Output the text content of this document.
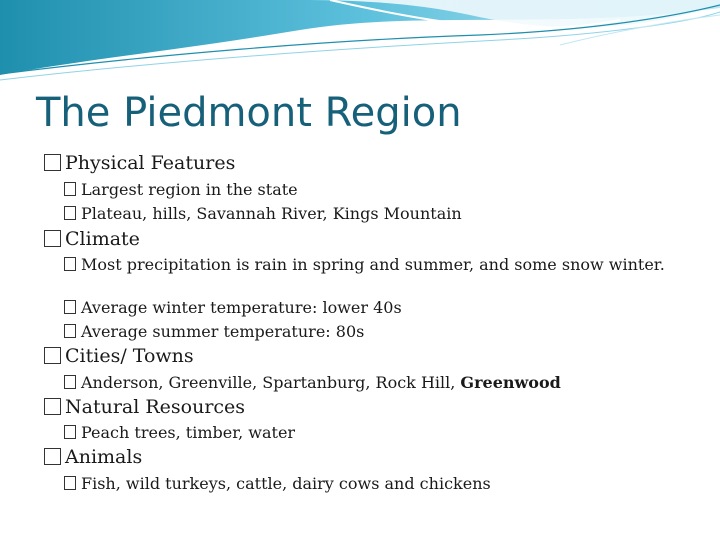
The Piedmont Region
Physical Features
Largest region in the state
Plateau, hills, Savannah River, Kings Mountain
Climate
Most precipitation is rain in spring and summer, and some snow winter.
Average winter temperature: lower 40s
Average summer temperature: 80s
Cities/ Towns
Anderson, Greenville, Spartanburg, Rock Hill, Greenwood
Natural Resources
Peach trees, timber, water
Animals
Fish, wild turkeys, cattle, dairy cows and chickens
